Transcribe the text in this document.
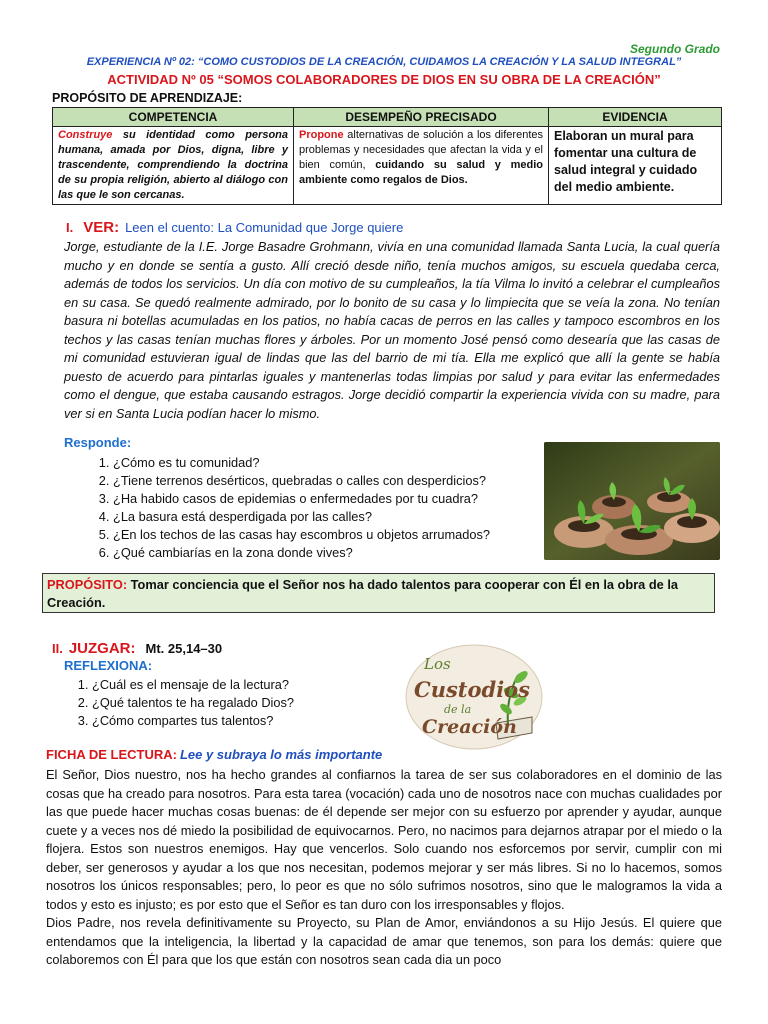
Segundo Grado
EXPERIENCIA Nº 02: “COMO CUSTODIOS DE LA CREACIÓN, CUIDAMOS LA CREACIÓN Y LA SALUD INTEGRAL”
ACTIVIDAD Nº 05 “SOMOS COLABORADORES DE DIOS EN SU OBRA DE LA CREACIÓN”
PROPÓSITO DE APRENDIZAJE:
COMPETENCIA	DESEMPEÑO PRECISADO	EVIDENCIA
Construye su identidad como persona humana, amada por Dios, digna, libre y trascendente, comprendiendo la doctrina de su propia religión, abierto al diálogo con las que le son cercanas.	Propone alternativas de solución a los diferentes problemas y necesidades que afectan la vida y el bien común, cuidando su salud y medio ambiente como regalos de Dios.	Elaboran un mural para fomentar una cultura de salud integral y cuidado del medio ambiente.
I. VER: Leen el cuento: La Comunidad que Jorge quiere
Jorge, estudiante de la I.E. Jorge Basadre Grohmann, vivía en una comunidad llamada Santa Lucia, la cual quería mucho y en donde se sentía a gusto. Allí creció desde niño, tenía muchos amigos, su escuela quedaba cerca, además de todos los servicios. Un día con motivo de su cumpleaños, la tía Vilma lo invitó a celebrar el cumpleaños en su casa. Se quedó realmente admirado, por lo bonito de su casa y lo limpiecita que se veía la zona. No tenían basura ni botellas acumuladas en los patios, no había cacas de perros en las calles y tampoco escombros en los techos y las casas tenían muchas flores y árboles. Por un momento José pensó como desearía que las casas de mi comunidad estuvieran igual de lindas que las del barrio de mi tía. Ella me explicó que allí la gente se había puesto de acuerdo para pintarlas iguales y mantenerlas todas limpias por salud y para evitar las enfermedades como el dengue, que estaba causando estragos. Jorge decidió compartir la experiencia vivida con su madre, para ver si en Santa Lucia podían hacer lo mismo.
Responde:
1. ¿Cómo es tu comunidad?
2. ¿Tiene terrenos desérticos, quebradas o calles con desperdicios?
3. ¿Ha habido casos de epidemias o enfermedades por tu cuadra?
4. ¿La basura está desperdigada por las calles?
5. ¿En los techos de las casas hay escombros u objetos arrumados?
6. ¿Qué cambiarías en la zona donde vives?
PROPÓSITO: Tomar conciencia que el Señor nos ha dado talentos para cooperar con Él en la obra de la Creación.
II. JUZGAR: Mt. 25,14–30
REFLEXIONA:
1. ¿Cuál es el mensaje de la lectura?
2. ¿Qué talentos te ha regalado Dios?
3. ¿Cómo compartes tus talentos?
Los
Custodios
de la
Creación
FICHA DE LECTURA: Lee y subraya lo más importante

El Señor, Dios nuestro, nos ha hecho grandes al confiarnos la tarea de ser sus colaboradores en el dominio de las cosas que ha creado para nosotros. Para esta tarea (vocación) cada uno de nosotros nace con muchas cualidades por las que puede hacer muchas cosas buenas: de él depende ser mejor con su esfuerzo por aprender y ayudar, aunque cuete y a veces nos dé miedo la posibilidad de equivocarnos. Pero, no nacimos para dejarnos atrapar por el miedo o la flojera. Estos son nuestros enemigos. Hay que vencerlos. Solo cuando nos esforcemos por servir, cumplir con mi deber, ser generosos y ayudar a los que nos necesitan, podemos mejorar y ser más libres. Si no lo hacemos, somos nosotros los únicos responsables; pero, lo peor es que no sólo sufrimos nosotros, sino que le malogramos la vida a todos y esto es injusto; es por esto que el Señor es tan duro con los irresponsables y flojos.

Dios Padre, nos revela definitivamente su Proyecto, su Plan de Amor, enviándonos a su Hijo Jesús. El quiere que entendamos que la inteligencia, la libertad y la capacidad de amar que tenemos, son para los demás: quiere que colaboremos con Él para que los que están con nosotros sean cada dia un poco
